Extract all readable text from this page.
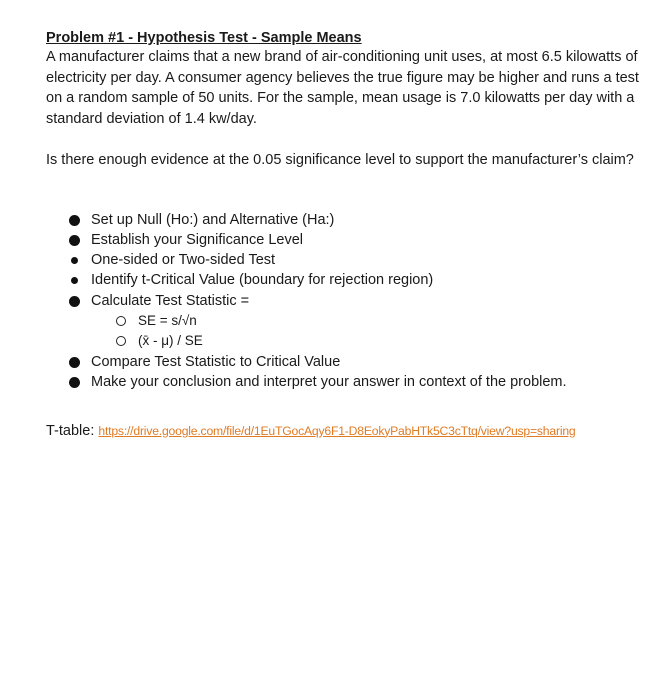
Problem #1 - Hypothesis Test - Sample Means

A manufacturer claims that a new brand of air-conditioning unit uses, at most 6.5 kilowatts of electricity per day. A consumer agency believes the true figure may be higher and runs a test on a random sample of 50 units. For the sample, mean usage is 7.0 kilowatts per day with a standard deviation of 1.4 kw/day.

Is there enough evidence at the 0.05 significance level to support the manufacturer’s claim?

Set up Null (Ho:) and Alternative (Ha:)
Establish your Significance Level
One-sided or Two-sided Test
Identify t-Critical Value (boundary for rejection region)
Calculate Test Statistic =
SE = s/√n
(x̄ - μ) / SE
Compare Test Statistic to Critical Value
Make your conclusion and interpret your answer in context of the problem.
T-table: https://drive.google.com/file/d/1EuTGocAqy6F1-D8EokyPabHTk5C3cTtq/view?usp=sharing
